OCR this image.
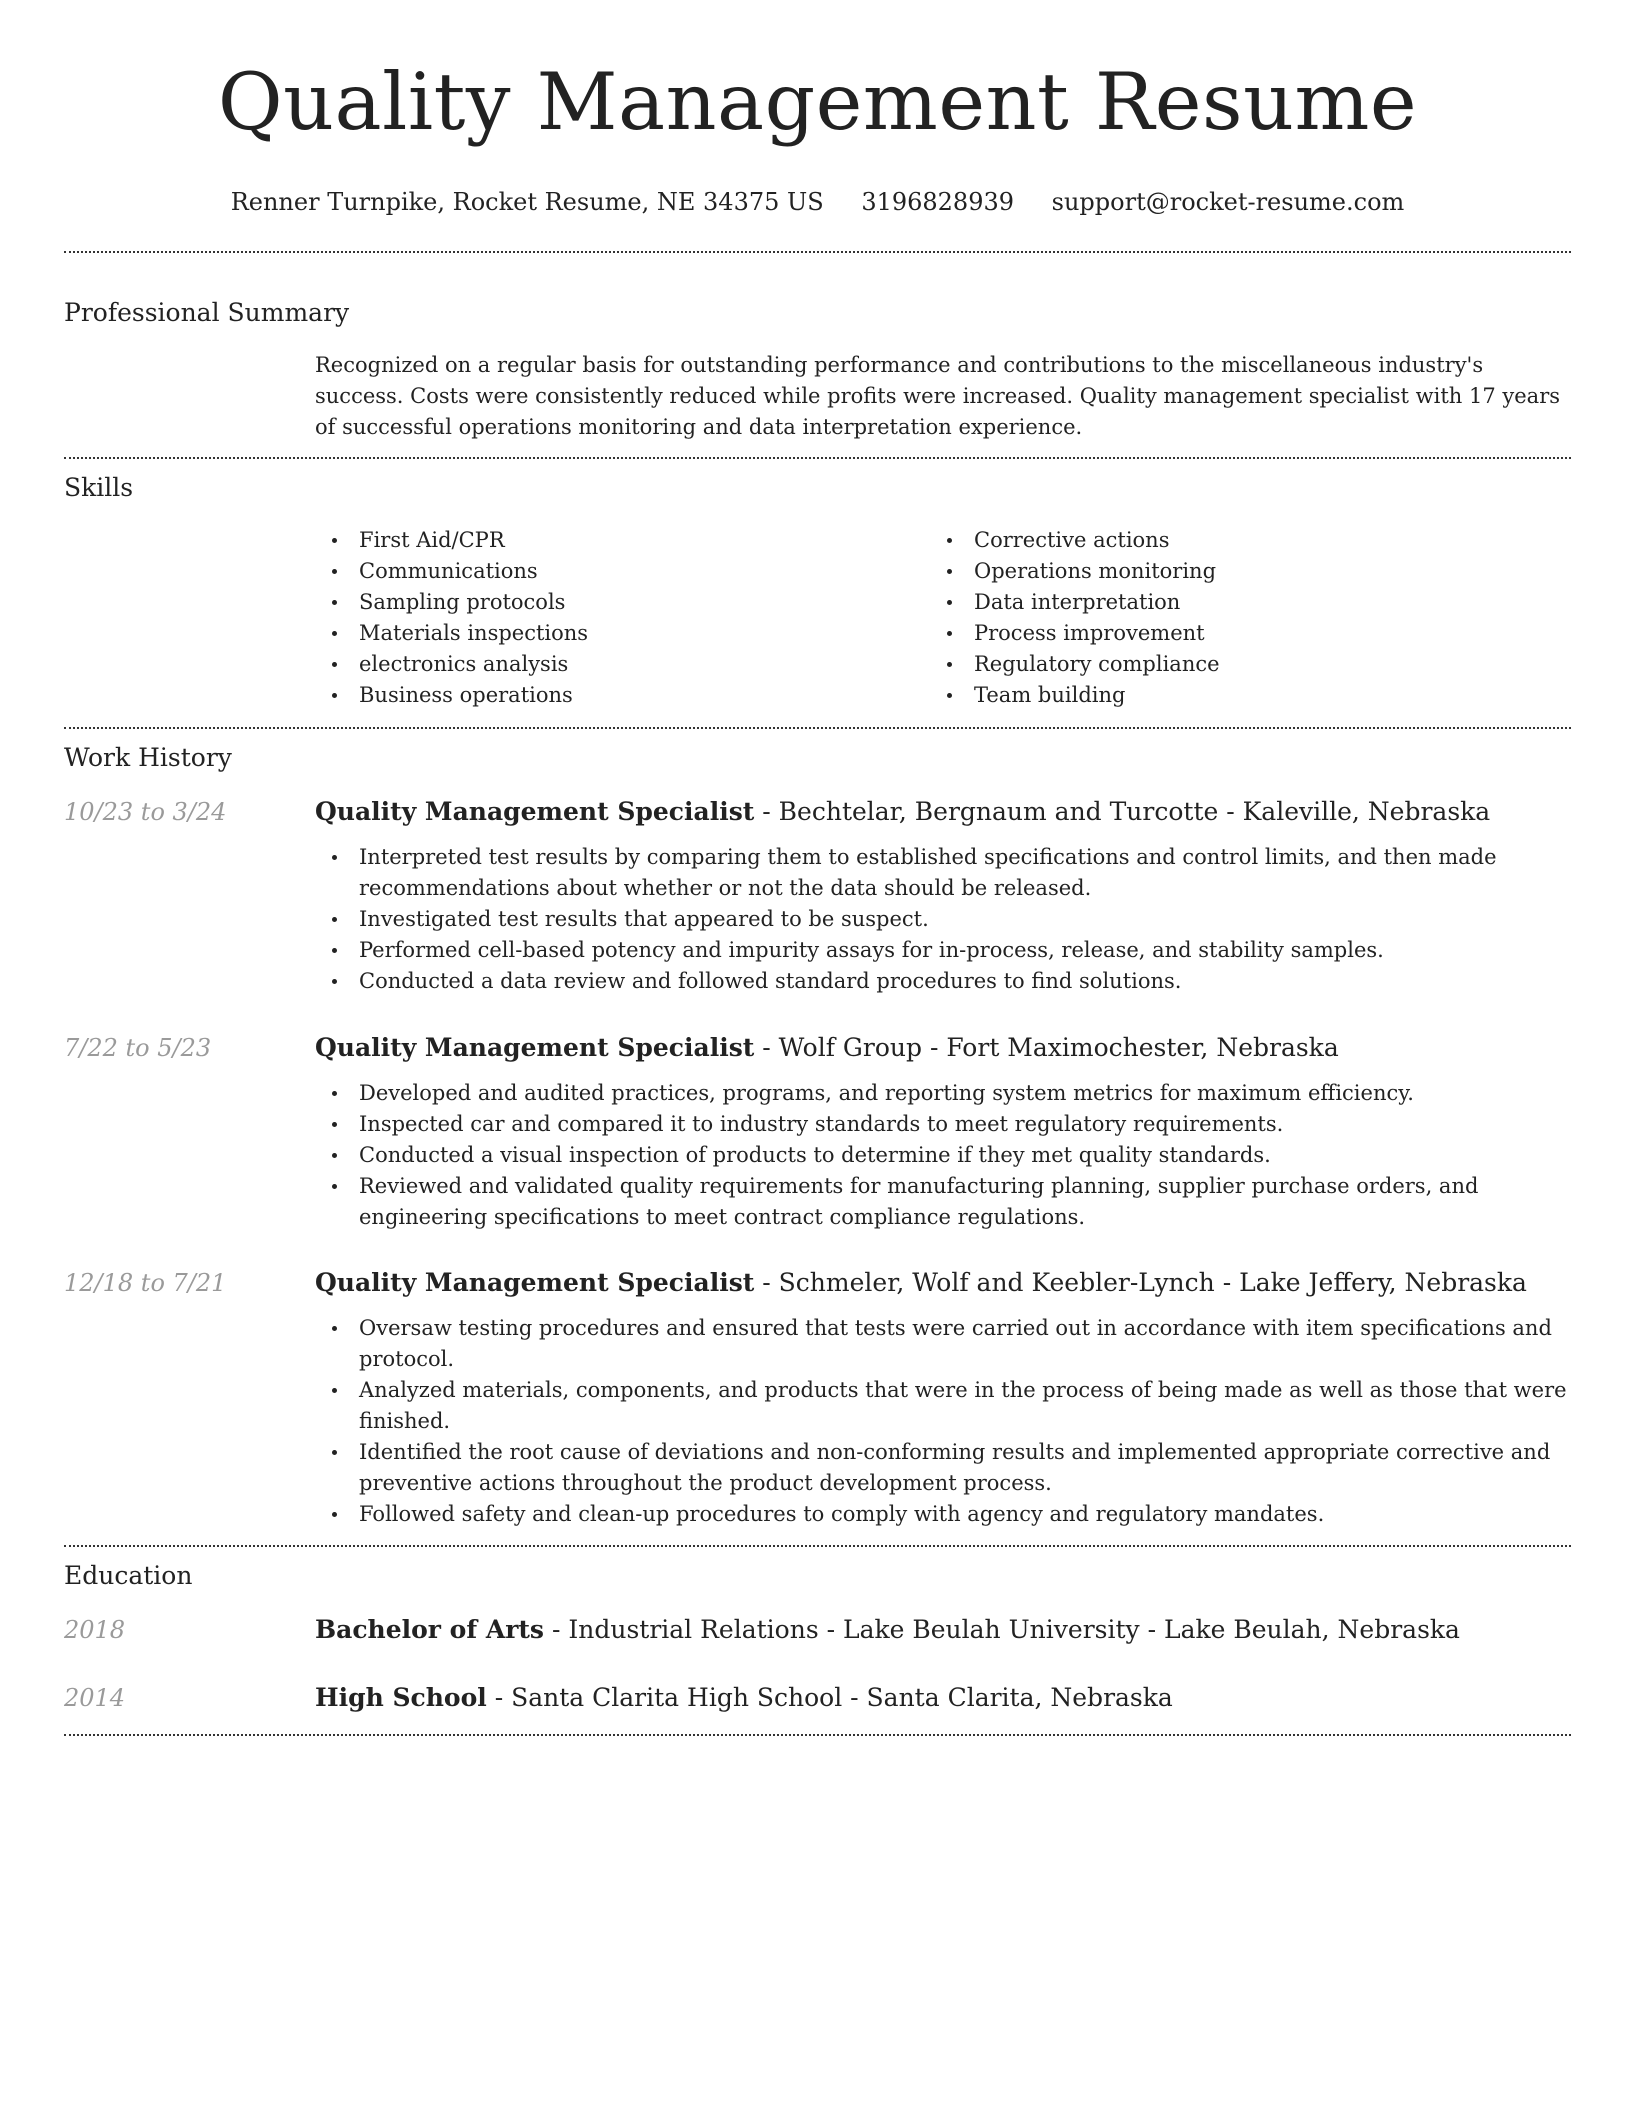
Quality Management Resume
Renner Turnpike, Rocket Resume, NE 34375 US 3196828939 support@rocket-resume.com
Professional Summary

Recognized on a regular basis for outstanding performance and contributions to the miscellaneous industry's success. Costs were consistently reduced while profits were increased. Quality management specialist with 17 years of successful operations monitoring and data interpretation experience.

Skills
First Aid/CPR
Communications
Sampling protocols
Materials inspections
electronics analysis
Business operations
Corrective actions
Operations monitoring
Data interpretation
Process improvement
Regulatory compliance
Team building
Work History
10/23 to 3/24	Quality Management Specialist - Bechtelar, Bergnaum and Turcotte - Kaleville, Nebraska
Interpreted test results by comparing them to established specifications and control limits, and then made recommendations about whether or not the data should be released.
Investigated test results that appeared to be suspect.
Performed cell-based potency and impurity assays for in-process, release, and stability samples.
Conducted a data review and followed standard procedures to find solutions.
7/22 to 5/23	Quality Management Specialist - Wolf Group - Fort Maximochester, Nebraska
Developed and audited practices, programs, and reporting system metrics for maximum efficiency.
Inspected car and compared it to industry standards to meet regulatory requirements.
Conducted a visual inspection of products to determine if they met quality standards.
Reviewed and validated quality requirements for manufacturing planning, supplier purchase orders, and engineering specifications to meet contract compliance regulations.
12/18 to 7/21	Quality Management Specialist - Schmeler, Wolf and Keebler-Lynch - Lake Jeffery, Nebraska
Oversaw testing procedures and ensured that tests were carried out in accordance with item specifications and protocol.
Analyzed materials, components, and products that were in the process of being made as well as those that were finished.
Identified the root cause of deviations and non-conforming results and implemented appropriate corrective and preventive actions throughout the product development process.
Followed safety and clean-up procedures to comply with agency and regulatory mandates.
Education
2018	Bachelor of Arts - Industrial Relations - Lake Beulah University - Lake Beulah, Nebraska
2014	High School - Santa Clarita High School - Santa Clarita, Nebraska
